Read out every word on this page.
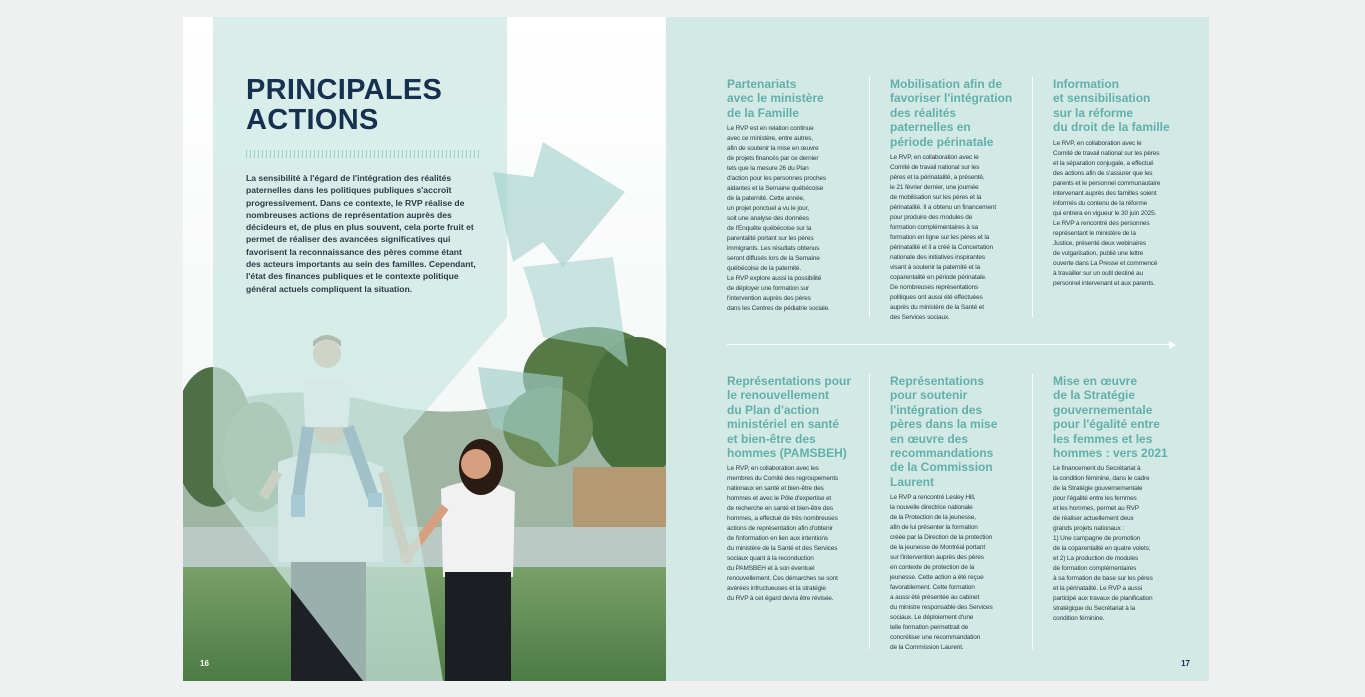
PRINCIPALES ACTIONS

La sensibilité à l'égard de l'intégration des réalités paternelles dans les politiques publiques s'accroît progressivement. Dans ce contexte, le RVP réalise de nombreuses actions de représentation auprès des décideurs et, de plus en plus souvent, cela porte fruit et permet de réaliser des avancées significatives qui favorisent la reconnaissance des pères comme étant des acteurs importants au sein des familles. Cependant, l'état des finances publiques et le contexte politique général actuels compliquent la situation.

16
Partenariats
avec le ministère
de la Famille

Le RVP est en relation continue
avec ce ministère, entre autres,
afin de soutenir la mise en œuvre
de projets financés par ce dernier
tels que la mesure 26 du Plan
d'action pour les personnes proches
aidantes et la Semaine québécoise
de la paternité. Cette année,
un projet ponctuel a vu le jour,
soit une analyse des données
de l'Enquête québécoise sur la
parentalité portant sur les pères
immigrants. Les résultats obtenus
seront diffusés lors de la Semaine
québécoise de la paternité.
Le RVP explore aussi la possibilité
de déployer une formation sur
l'intervention auprès des pères
dans les Centres de pédiatrie sociale.

Mobilisation afin de
favoriser l'intégration
des réalités
paternelles en
période périnatale

Le RVP, en collaboration avec le
Comité de travail national sur les
pères et la périnatalité, a présenté,
le 21 février dernier, une journée
de mobilisation sur les pères et la
périnatalité. Il a obtenu un financement
pour produire des modules de
formation complémentaires à sa
formation en ligne sur les pères et la
périnatalité et il a créé la Concertation
nationale des initiatives inspirantes
visant à soutenir la paternité et la
coparentalité en période périnatale.
De nombreuses représentations
politiques ont aussi été effectuées
auprès du ministère de la Santé et
des Services sociaux.

Information
et sensibilisation
sur la réforme
du droit de la famille

Le RVP, en collaboration avec le
Comité de travail national sur les pères
et la séparation conjugale, a effectué
des actions afin de s'assurer que les
parents et le personnel communautaire
intervenant auprès des familles soient
informés du contenu de la réforme
qui entrera en vigueur le 30 juin 2025.
Le RVP a rencontré des personnes
représentant le ministère de la
Justice, présenté deux webinaires
de vulgarisation, publié une lettre
ouverte dans La Presse et commencé
à travailler sur un outil destiné au
personnel intervenant et aux parents.

Représentations pour
le renouvellement
du Plan d'action
ministériel en santé
et bien-être des
hommes (PAMSBEH)

Le RVP, en collaboration avec les
membres du Comité des regroupements
nationaux en santé et bien-être des
hommes et avec le Pôle d'expertise et
de recherche en santé et bien-être des
hommes, a effectué de très nombreuses
actions de représentation afin d'obtenir
de l'information en lien aux intentions
du ministère de la Santé et des Services
sociaux quant à la reconduction
du PAMSBEH et à son éventuel
renouvellement. Ces démarches se sont
avérées infructueuses et la stratégie
du RVP à cet égard devra être révisée.

Représentations
pour soutenir
l'intégration des
pères dans la mise
en œuvre des
recommandations
de la Commission
Laurent

Le RVP a rencontré Lesley Hill,
la nouvelle directrice nationale
de la Protection de la jeunesse,
afin de lui présenter la formation
créée par la Direction de la protection
de la jeunesse de Montréal portant
sur l'intervention auprès des pères
en contexte de protection de la
jeunesse. Cette action a été reçue
favorablement. Cette formation
a aussi été présentée au cabinet
du ministre responsable des Services
sociaux. Le déploiement d'une
telle formation permettrait de
concrétiser une recommandation
de la Commission Laurent.

Mise en œuvre
de la Stratégie
gouvernementale
pour l'égalité entre
les femmes et les
hommes : vers 2021

Le financement du Secrétariat à
la condition féminine, dans le cadre
de la Stratégie gouvernementale
pour l'égalité entre les femmes
et les hommes, permet au RVP
de réaliser actuellement deux
grands projets nationaux :
1) Une campagne de promotion
de la coparentalité en quatre volets;
et 2) La production de modules
de formation complémentaires
à sa formation de base sur les pères
et la périnatalité. Le RVP a aussi
participé aux travaux de planification
stratégique du Secrétariat à la
condition féminine.

17
